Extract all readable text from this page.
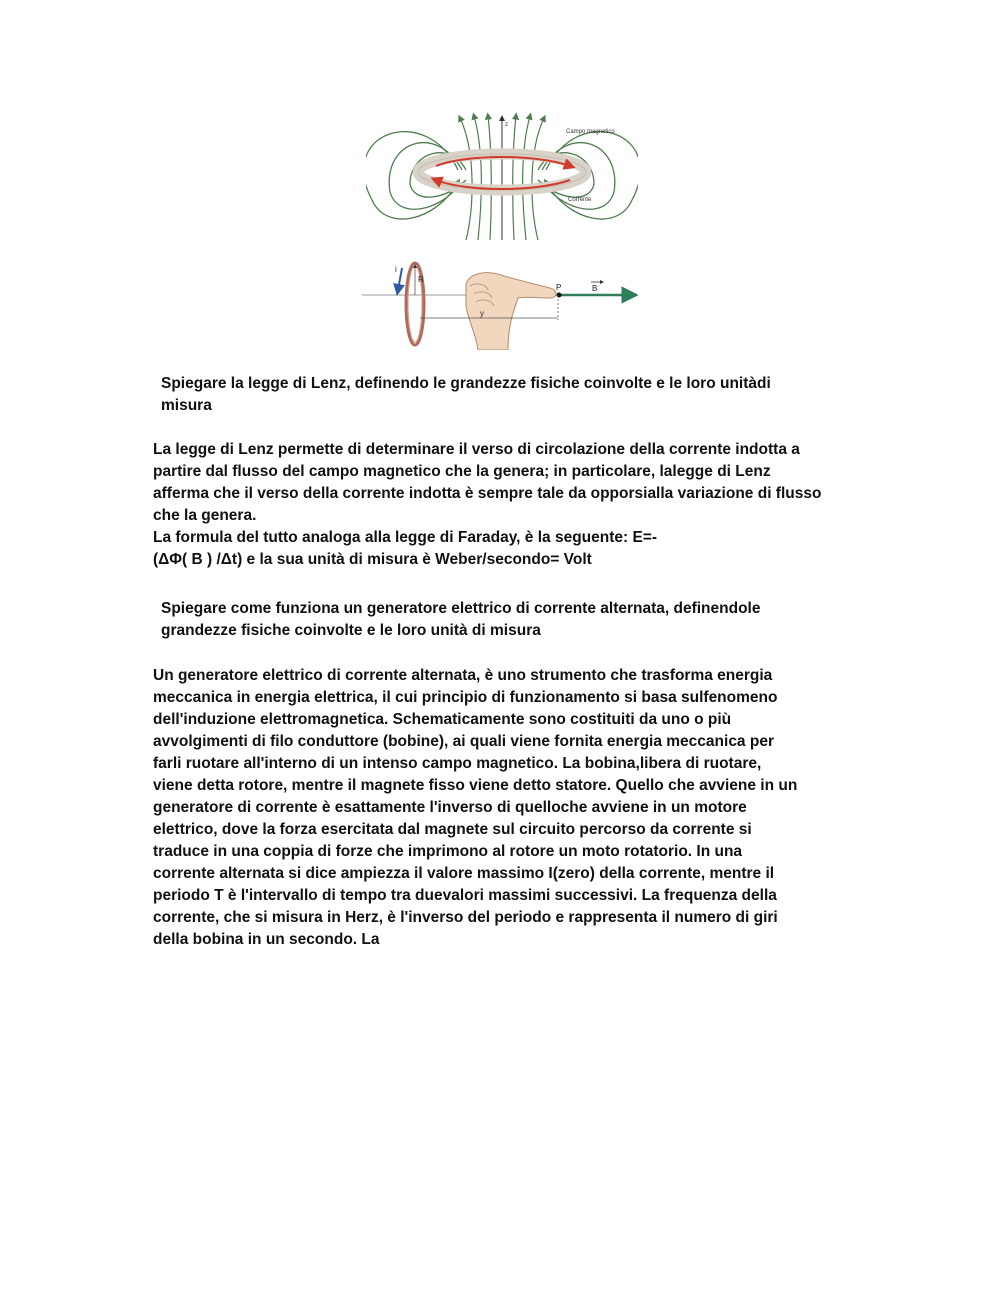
z
Campo magnetico
Corrente
i
R
P	B
y
Spiegare la legge di Lenz, definendo le grandezze fisiche coinvolte e le loro unitàdi
misura

La legge di Lenz permette di determinare il verso di circolazione della corrente indotta a

partire dal flusso del campo magnetico che la genera; in particolare, lalegge di Lenz

afferma che il verso della corrente indotta è sempre tale da opporsialla variazione di flusso

che la genera.

La formula del tutto analoga alla legge di Faraday, è la seguente: E=-

(ΔΦ( B ) /Δt) e la sua unità di misura è Weber/secondo= Volt

Spiegare come funziona un generatore elettrico di corrente alternata, definendole
grandezze fisiche coinvolte e le loro unità di misura

Un generatore elettrico di corrente alternata, è uno strumento che trasforma energia

meccanica in energia elettrica, il cui principio di funzionamento si basa sulfenomeno

dell'induzione elettromagnetica. Schematicamente sono costituiti da uno o più

avvolgimenti di filo conduttore (bobine), ai quali viene fornita energia meccanica per

farli ruotare all'interno di un intenso campo magnetico. La bobina,libera di ruotare,

viene detta rotore, mentre il magnete fisso viene detto statore. Quello che avviene in un

generatore di corrente è esattamente l'inverso di quelloche avviene in un motore

elettrico, dove la forza esercitata dal magnete sul circuito percorso da corrente si

traduce in una coppia di forze che imprimono al rotore un moto rotatorio. In una

corrente alternata si dice ampiezza il valore massimo I(zero) della corrente, mentre il

periodo T è l'intervallo di tempo tra duevalori massimi successivi. La frequenza della

corrente, che si misura in Herz, è l'inverso del periodo e rappresenta il numero di giri

della bobina in un secondo. La
